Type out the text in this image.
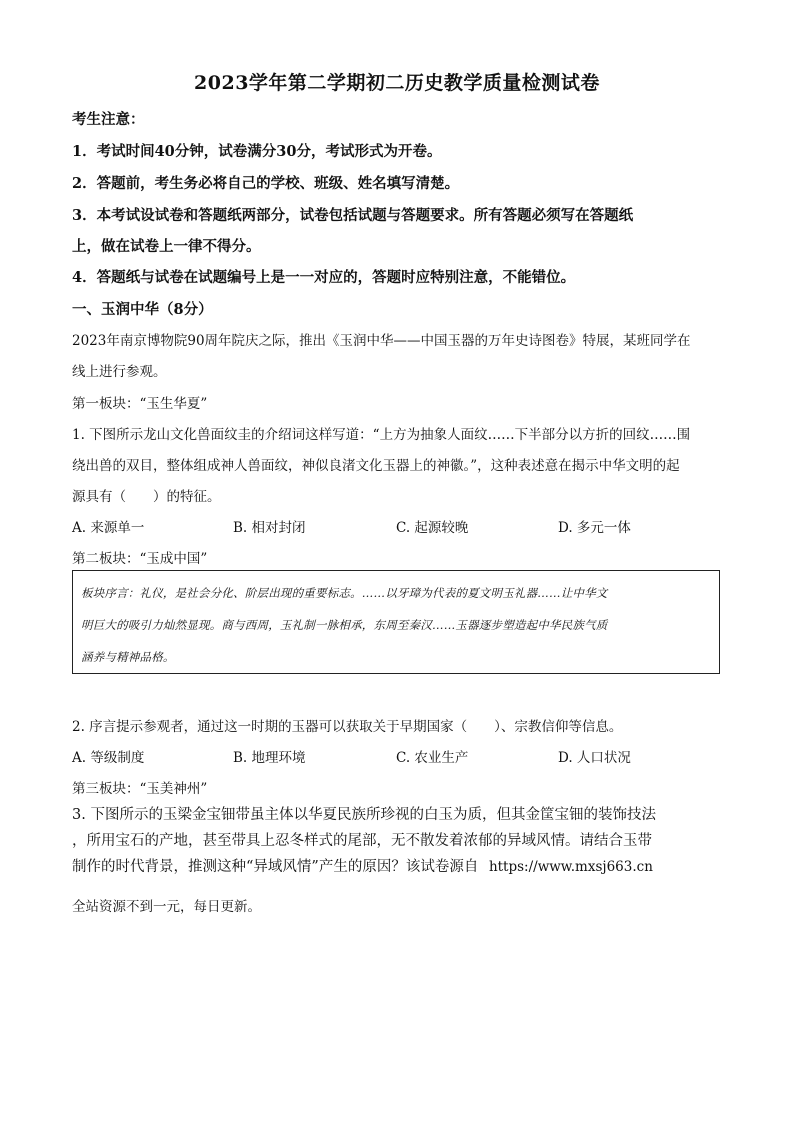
2023学年第二学期初二历史教学质量检测试卷
考生注意：
1．考试时间40分钟，试卷满分30分，考试形式为开卷。
2．答题前，考生务必将自己的学校、班级、姓名填写清楚。
3．本考试设试卷和答题纸两部分，试卷包括试题与答题要求。所有答题必须写在答题纸
上，做在试卷上一律不得分。
4．答题纸与试卷在试题编号上是一一对应的，答题时应特别注意，不能错位。
一、玉润中华（8分）
2023年南京博物院90周年院庆之际，推出《玉润中华——中国玉器的万年史诗图卷》特展，某班同学在
线上进行参观。
第一板块：“玉生华夏”
1. 下图所示龙山文化兽面纹圭的介绍词这样写道：“上方为抽象人面纹……下半部分以方折的回纹……围
绕出兽的双目，整体组成神人兽面纹，神似良渚文化玉器上的神徽。”，这种表述意在揭示中华文明的起
源具有（　　）的特征。
A. 来源单一	B. 相对封闭	C. 起源较晚	D. 多元一体
第二板块：“玉成中国”
板块序言：礼仪，是社会分化、阶层出现的重要标志。……以牙璋为代表的夏文明玉礼器……让中华文
明巨大的吸引力灿然显现。商与西周，玉礼制一脉相承，东周至秦汉……玉器逐步塑造起中华民族气质
涵养与精神品格。
2. 序言提示参观者，通过这一时期的玉器可以获取关于早期国家（　　）、宗教信仰等信息。
A. 等级制度	B. 地理环境	C. 农业生产	D. 人口状况
第三板块：“玉美神州”
3. 下图所示的玉梁金宝钿带虽主体以华夏民族所珍视的白玉为质，但其金筐宝钿的装饰技法
，所用宝石的产地，甚至带具上忍冬样式的尾部，无不散发着浓郁的异域风情。请结合玉带
制作的时代背景，推测这种“异域风情”产生的原因？该试卷源自 https://www.mxsj663.cn
全站资源不到一元，每日更新。
